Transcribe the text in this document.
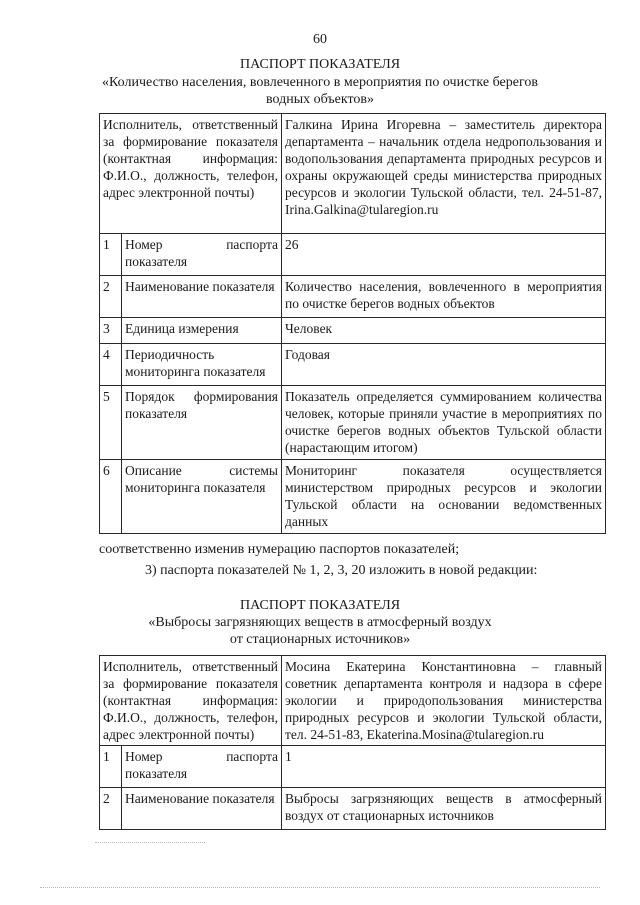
60
ПАСПОРТ ПОКАЗАТЕЛЯ
«Количество населения, вовлеченного в мероприятия по очистке берегов
водных объектов»
Исполнитель, ответственный за формирование показателя (контактная информация: Ф.И.О., должность, телефон, адрес электронной почты)		Галкина Ирина Игоревна – заместитель директора департамента – начальник отдела недропользования и водопользования департамента природных ресурсов и охраны окружающей среды министерства природных ресурсов и экологии Тульской области, тел. 24-51-87, Irina.Galkina@tularegion.ru
1	Номер паспорта показателя	26
2	Наименование показателя	Количество населения, вовлеченного в мероприятия по очистке берегов водных объектов
3	Единица измерения	Человек
4	Периодичность мониторинга показателя	Годовая
5	Порядок формирования показателя	Показатель определяется суммированием количества человек, которые приняли участие в мероприятиях по очистке берегов водных объектов Тульской области (нарастающим итогом)
6	Описание системы мониторинга показателя	Мониторинг показателя осуществляется министерством природных ресурсов и экологии Тульской области на основании ведомственных данных
соответственно изменив нумерацию паспортов показателей;
3) паспорта показателей № 1, 2, 3, 20 изложить в новой редакции:
ПАСПОРТ ПОКАЗАТЕЛЯ
«Выбросы загрязняющих веществ в атмосферный воздух
от стационарных источников»
Исполнитель, ответственный за формирование показателя (контактная информация: Ф.И.О., должность, телефон, адрес электронной почты)		Мосина Екатерина Константиновна – главный советник департамента контроля и надзора в сфере экологии и природопользования министерства природных ресурсов и экологии Тульской области, тел. 24-51-83, Ekaterina.Mosina@tularegion.ru
1	Номер паспорта показателя	1
2	Наименование показателя	Выбросы загрязняющих веществ в атмосферный воздух от стационарных источников
